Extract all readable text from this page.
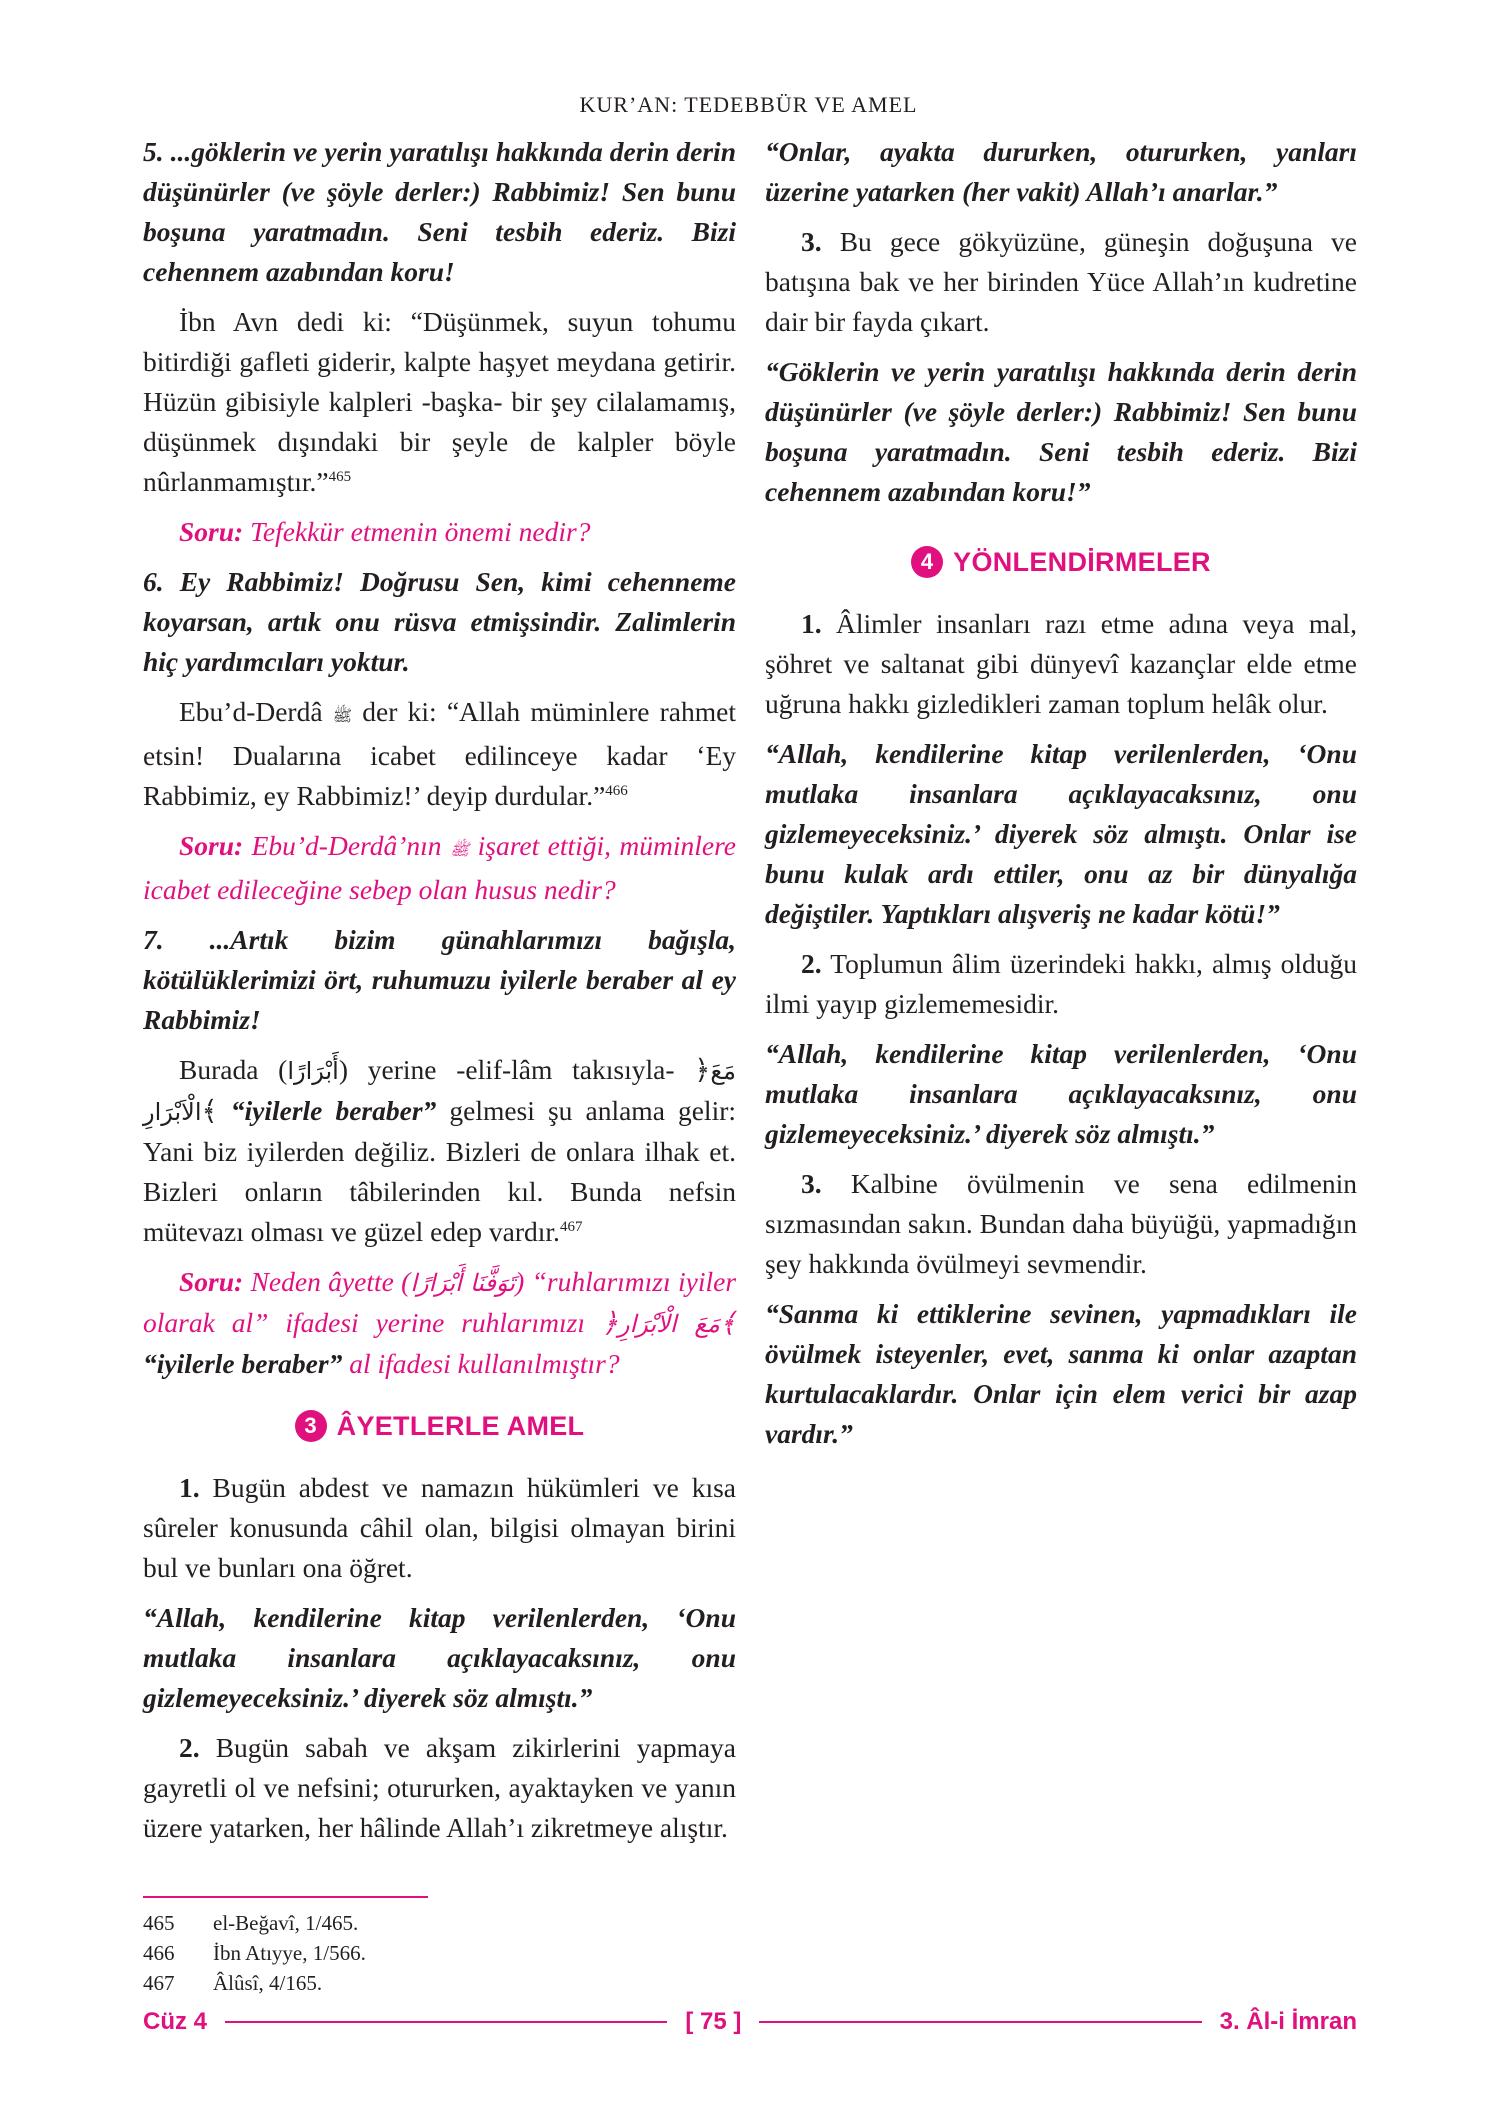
KUR’AN: TEDEBBÜR VE AMEL

5. ...göklerin ve yerin yaratılışı hakkında derin derin düşünürler (ve şöyle derler:) Rabbimiz! Sen bunu boşuna yaratmadın. Seni tesbih ederiz. Bizi cehennem azabından koru!

İbn Avn dedi ki: “Düşünmek, suyun tohumu bitirdiği gafleti giderir, kalpte haşyet meydana getirir. Hüzün gibisiyle kalpleri -başka- bir şey cilalamamış, düşünmek dışındaki bir şeyle de kalpler böyle nûrlanmamıştır.”$^{465}$

Soru: Tefekkür etmenin önemi nedir?

6. Ey Rabbimiz! Doğrusu Sen, kimi cehenneme koyarsan, artık onu rüsva etmişsindir. Zalimlerin hiç yardımcıları yoktur.

Ebu’d-Derdâ ﷺ der ki: “Allah müminlere rahmet etsin! Dualarına icabet edilinceye kadar ‘Ey Rabbimiz, ey Rabbimiz!’ deyip durdular.”$^{466}$

Soru: Ebu’d-Derdâ’nın ﷺ işaret ettiği, müminlere icabet edileceğine sebep olan husus nedir?

7. ...Artık bizim günahlarımızı bağışla, kötülüklerimizi ört, ruhumuzu iyilerle beraber al ey Rabbimiz!

Burada (أَبْرَارًا) yerine -elif-lâm takısıyla- ﴿مَعَ الْاَبْرَارِ﴾ “iyilerle beraber” gelmesi şu anlama gelir: Yani biz iyilerden değiliz. Bizleri de onlara ilhak et. Bizleri onların tâbilerinden kıl. Bunda nefsin mütevazı olması ve güzel edep vardır.$^{467}$

Soru: Neden âyette (تَوَفَّنَا أَبْرَارًا) “ruhlarımızı iyiler olarak al” ifadesi yerine ruhlarımızı ﴿مَعَ الْاَبْرَارِ﴾ “iyilerle beraber” al ifadesi kullanılmıştır?

3 ÂYETLERLE AMEL

1. Bugün abdest ve namazın hükümleri ve kısa sûreler konusunda câhil olan, bilgisi olmayan birini bul ve bunları ona öğret.

“Allah, kendilerine kitap verilenlerden, ‘Onu mutlaka insanlara açıklayacaksınız, onu gizlemeyeceksiniz.’ diyerek söz almıştı.”

2. Bugün sabah ve akşam zikirlerini yapmaya gayretli ol ve nefsini; otururken, ayaktayken ve yanın üzere yatarken, her hâlinde Allah’ı zikretmeye alıştır.

“Onlar, ayakta dururken, otururken, yanları üzerine yatarken (her vakit) Allah’ı anarlar.”

3. Bu gece gökyüzüne, güneşin doğuşuna ve batışına bak ve her birinden Yüce Allah’ın kudretine dair bir fayda çıkart.

“Göklerin ve yerin yaratılışı hakkında derin derin düşünürler (ve şöyle derler:) Rabbimiz! Sen bunu boşuna yaratmadın. Seni tesbih ederiz. Bizi cehennem azabından koru!”

4 YÖNLENDİRMELER

1. Âlimler insanları razı etme adına veya mal, şöhret ve saltanat gibi dünyevî kazançlar elde etme uğruna hakkı gizledikleri zaman toplum helâk olur.

“Allah, kendilerine kitap verilenlerden, ‘Onu mutlaka insanlara açıklayacaksınız, onu gizlemeyeceksiniz.’ diyerek söz almıştı. Onlar ise bunu kulak ardı ettiler, onu az bir dünyalığa değiştiler. Yaptıkları alışveriş ne kadar kötü!”

2. Toplumun âlim üzerindeki hakkı, almış olduğu ilmi yayıp gizlememesidir.

“Allah, kendilerine kitap verilenlerden, ‘Onu mutlaka insanlara açıklayacaksınız, onu gizlemeyeceksiniz.’ diyerek söz almıştı.”

3. Kalbine övülmenin ve sena edilmenin sızmasından sakın. Bundan daha büyüğü, yapmadığın şey hakkında övülmeyi sevmendir.

“Sanma ki ettiklerine sevinen, yapmadıkları ile övülmek isteyenler, evet, sanma ki onlar azaptan kurtulacaklardır. Onlar için elem verici bir azap vardır.”

465	el-Beğavî, 1/465.
466	İbn Atıyye, 1/566.
467	Âlûsî, 4/165.
Cüz 4	[ 75 ]	3. Âl-i İmran
